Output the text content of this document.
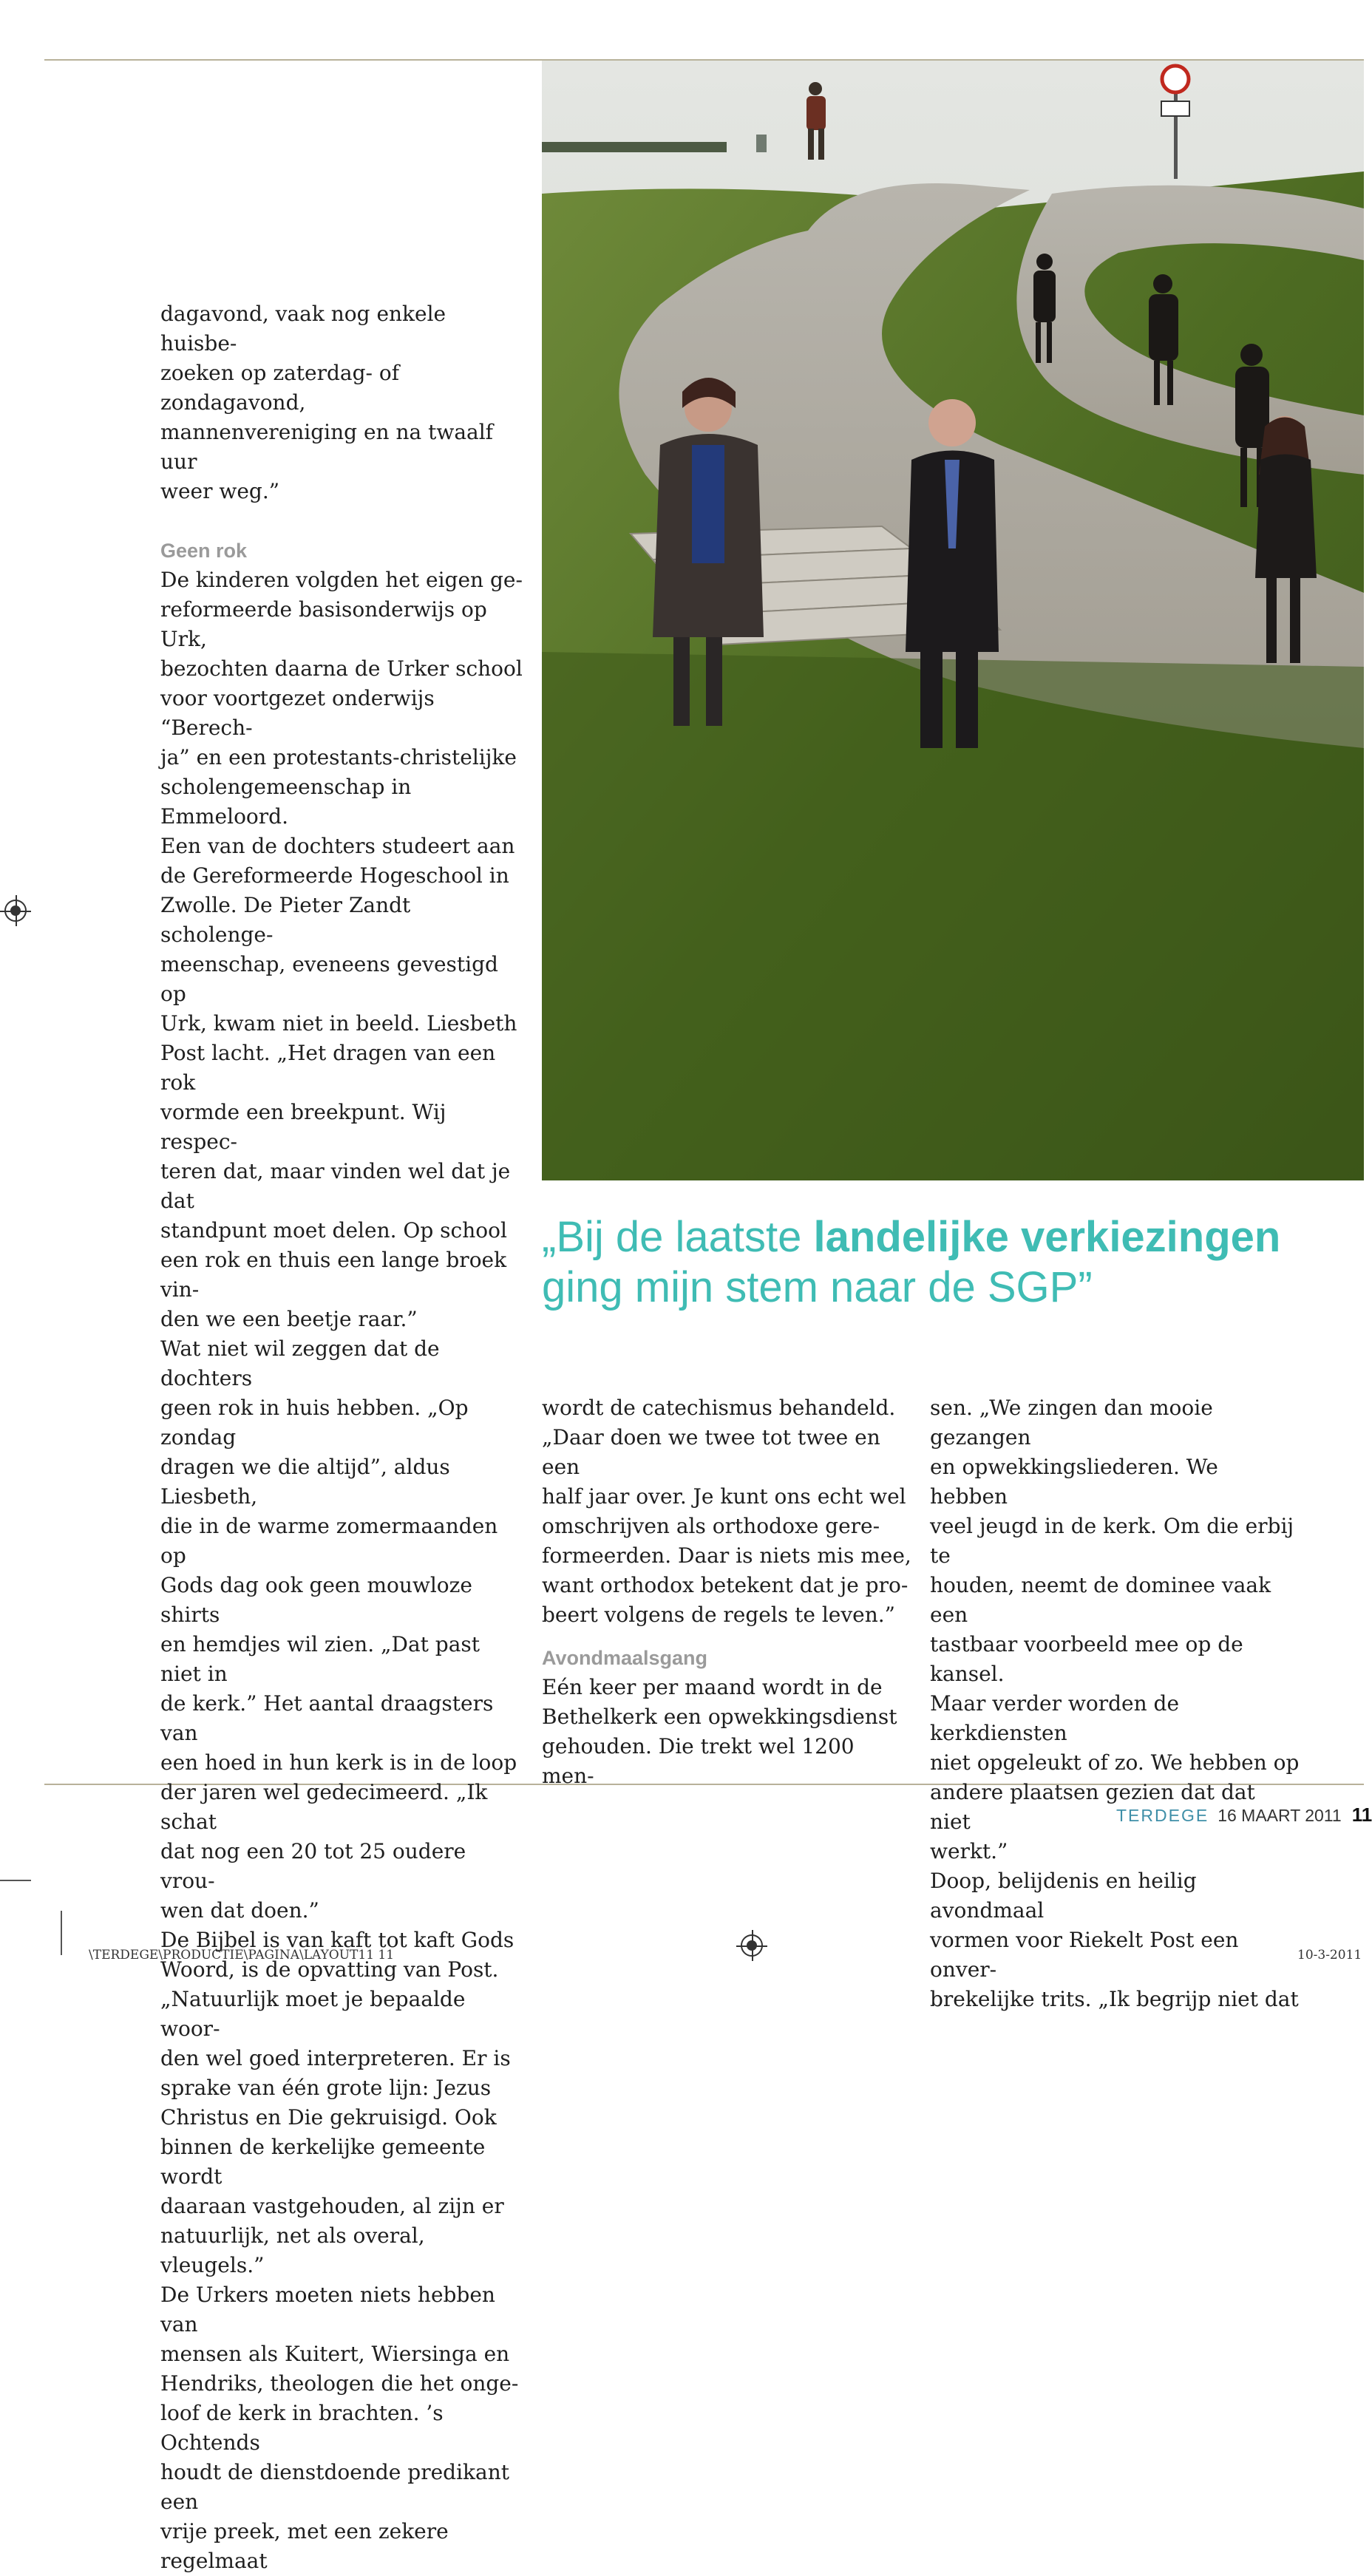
dagavond, vaak nog enkele huisbe-
zoeken op zaterdag- of zondagavond,
mannenvereniging en na twaalf uur
weer weg.”

Geen rok

De kinderen volgden het eigen ge-
reformeerde basisonderwijs op Urk,
bezochten daarna de Urker school
voor voortgezet onderwijs “Berech-
ja” en een protestants-christelijke
scholengemeenschap in Emmeloord.
Een van de dochters studeert aan
de Gereformeerde Hogeschool in
Zwolle. De Pieter Zandt scholenge-
meenschap, eveneens gevestigd op
Urk, kwam niet in beeld. Liesbeth
Post lacht. „Het dragen van een rok
vormde een breekpunt. Wij respec-
teren dat, maar vinden wel dat je dat
standpunt moet delen. Op school
een rok en thuis een lange broek vin-
den we een beetje raar.”

Wat niet wil zeggen dat de dochters
geen rok in huis hebben. „Op zondag
dragen we die altijd”, aldus Liesbeth,
die in de warme zomermaanden op
Gods dag ook geen mouwloze shirts
en hemdjes wil zien. „Dat past niet in
de kerk.” Het aantal draagsters van
een hoed in hun kerk is in de loop
der jaren wel gedecimeerd. „Ik schat
dat nog een 20 tot 25 oudere vrou-
wen dat doen.”

De Bijbel is van kaft tot kaft Gods
Woord, is de opvatting van Post.
„Natuurlijk moet je bepaalde woor-
den wel goed interpreteren. Er is
sprake van één grote lijn: Jezus
Christus en Die gekruisigd. Ook
binnen de kerkelijke gemeente wordt
daaraan vastgehouden, al zijn er
natuurlijk, net als overal, vleugels.”

De Urkers moeten niets hebben van
mensen als Kuitert, Wiersinga en
Hendriks, theologen die het onge-
loof de kerk in brachten. ’s Ochtends
houdt de dienstdoende predikant een
vrije preek, met een zekere regelmaat

„Bij de laatste landelijke verkiezingen
ging mijn stem naar de SGP”

wordt de catechismus behandeld.
„Daar doen we twee tot twee en een
half jaar over. Je kunt ons echt wel
omschrijven als orthodoxe gere-
formeerden. Daar is niets mis mee,
want orthodox betekent dat je pro-
beert volgens de regels te leven.”

Avondmaalsgang

Eén keer per maand wordt in de
Bethelkerk een opwekkingsdienst
gehouden. Die trekt wel 1200 men-

sen. „We zingen dan mooie gezangen
en opwekkingsliederen. We hebben
veel jeugd in de kerk. Om die erbij te
houden, neemt de dominee vaak een
tastbaar voorbeeld mee op de kansel.
Maar verder worden de kerkdiensten
niet opgeleukt of zo. We hebben op
andere plaatsen gezien dat dat niet
werkt.”

Doop, belijdenis en heilig avondmaal
vormen voor Riekelt Post een onver-
brekelijke trits. „Ik begrijp niet dat

TERDEGE 16 MAART 2011 11
\TERDEGE\PRODUCTIE\PAGINA\LAYOUT11 11	10-3-2011
